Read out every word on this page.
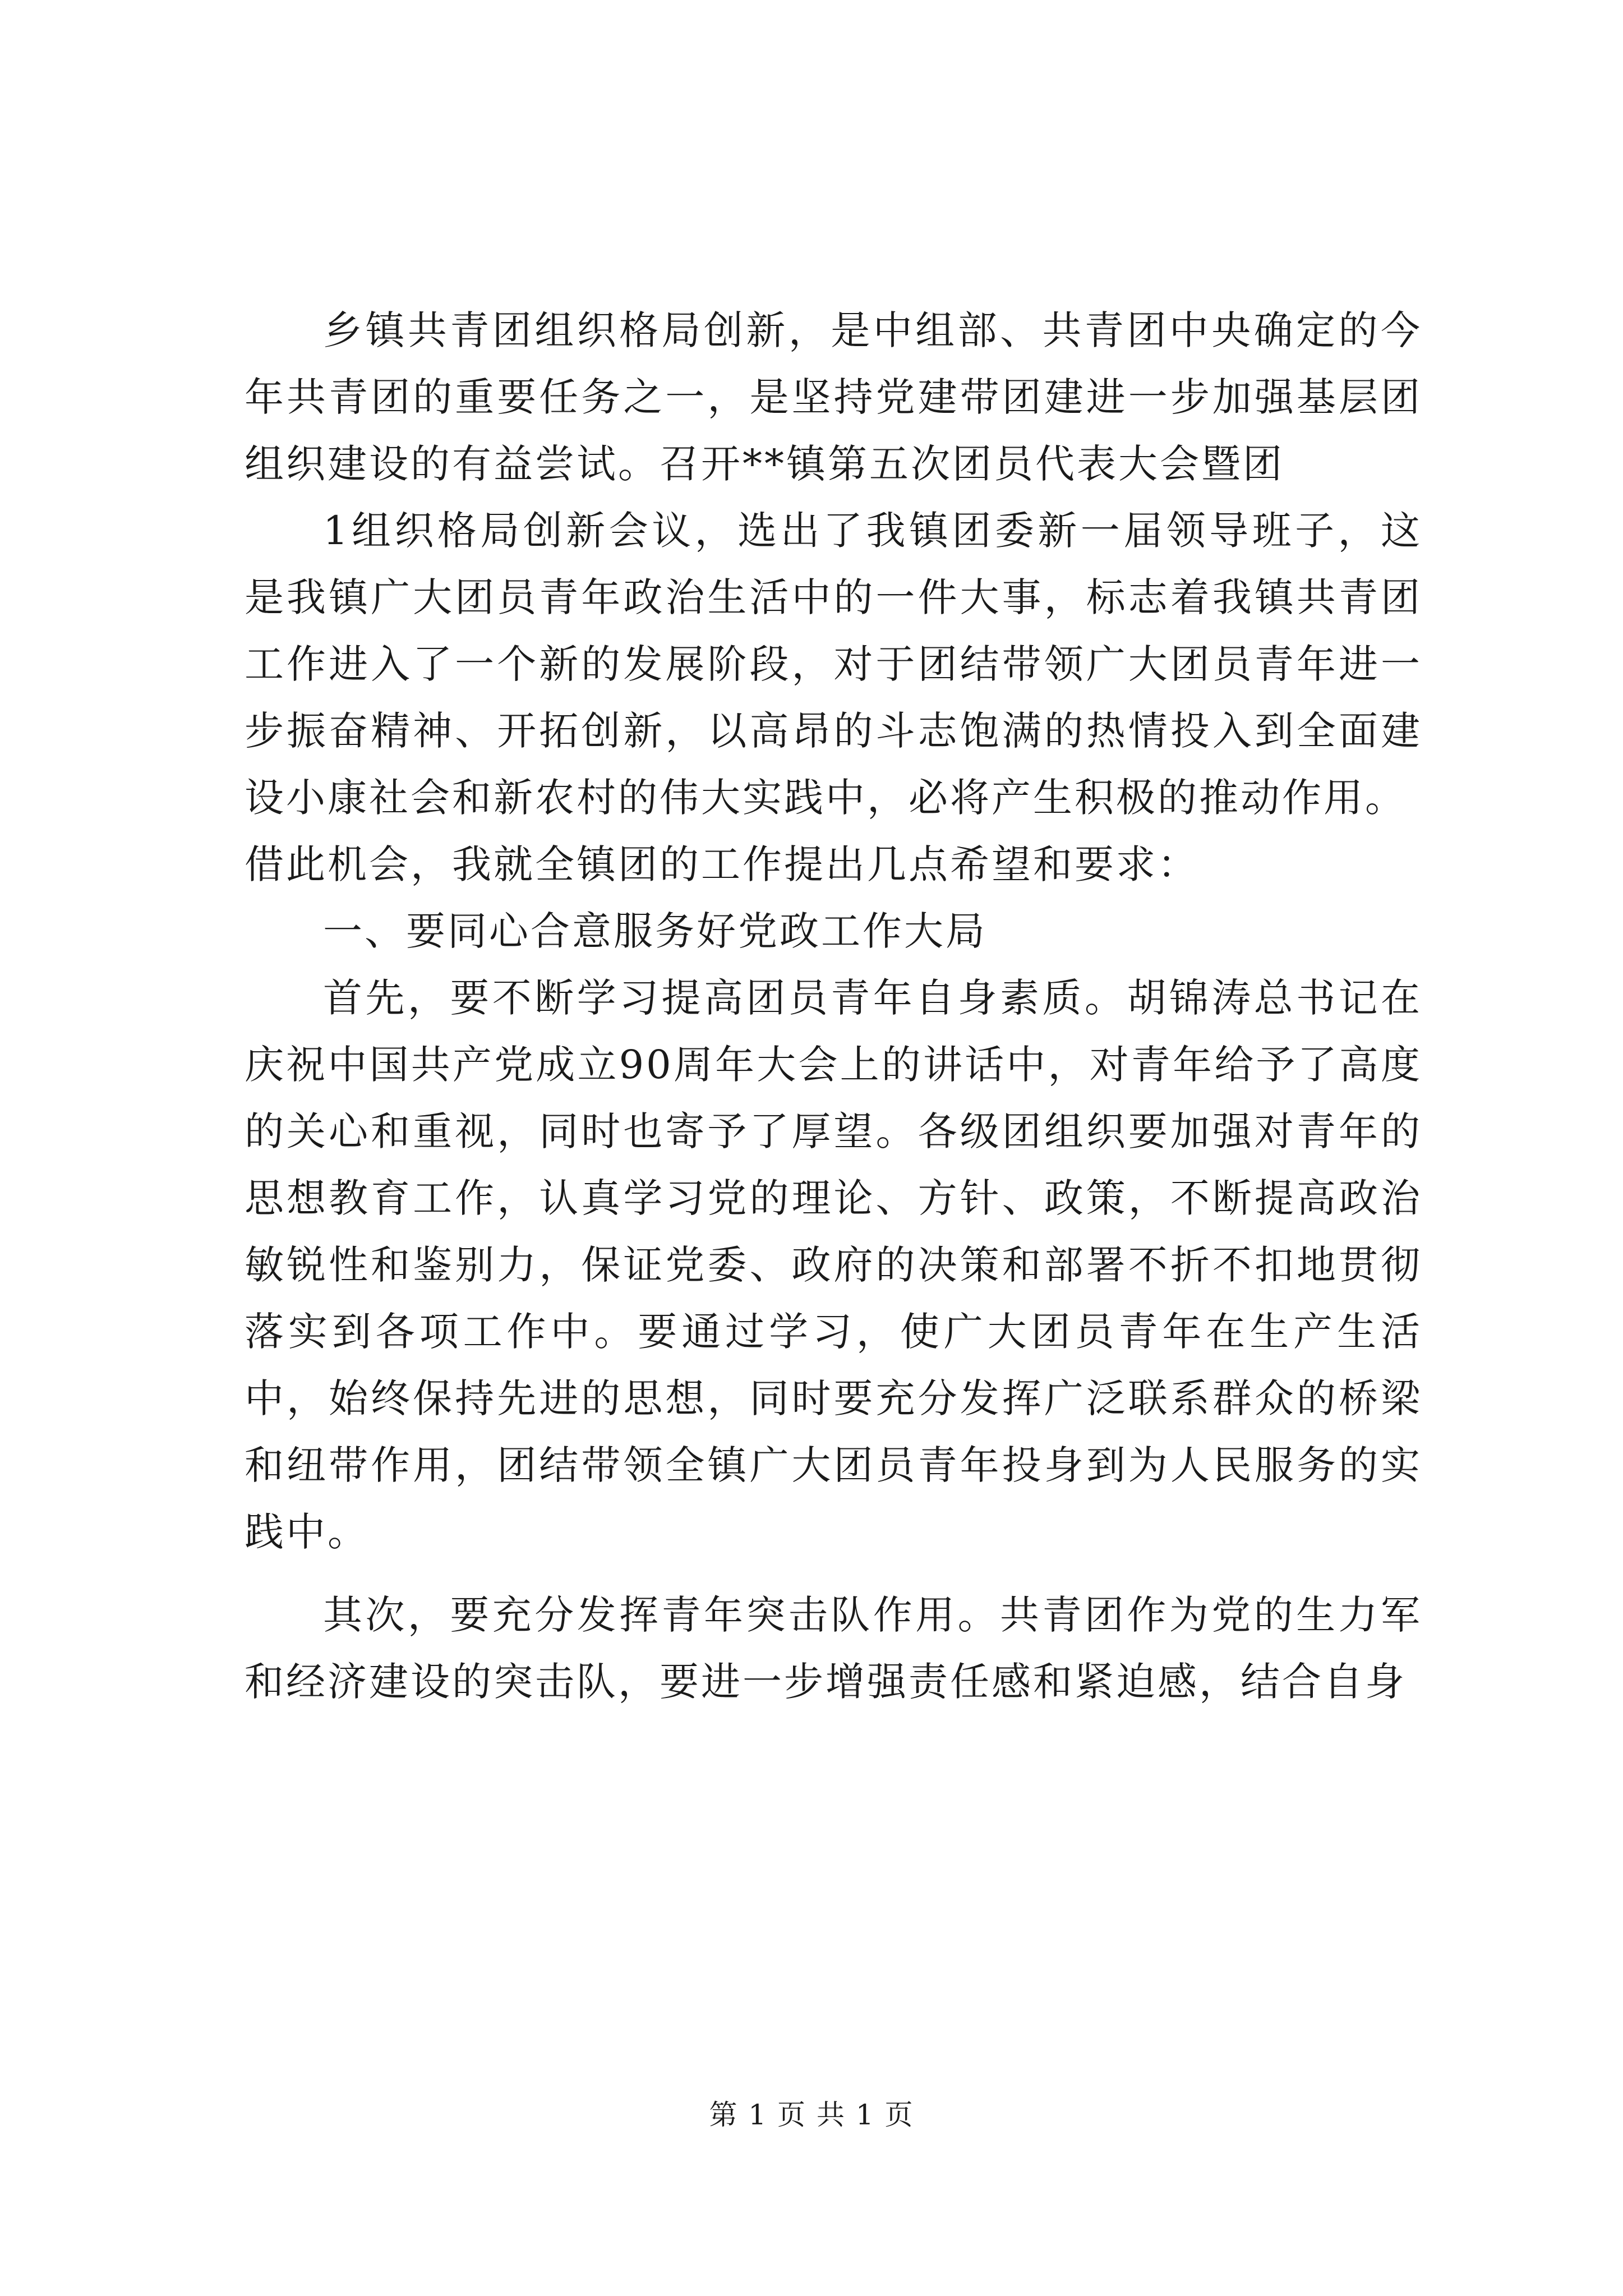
乡镇共青团组织格局创新，是中组部、共青团中央确定的今年共青团的重要任务之一，是坚持党建带团建进一步加强基层团组织建设的有益尝试。召开**镇第五次团员代表大会暨团

1组织格局创新会议，选出了我镇团委新一届领导班子，这是我镇广大团员青年政治生活中的一件大事，标志着我镇共青团工作进入了一个新的发展阶段，对于团结带领广大团员青年进一步振奋精神、开拓创新，以高昂的斗志饱满的热情投入到全面建设小康社会和新农村的伟大实践中，必将产生积极的推动作用。

借此机会，我就全镇团的工作提出几点希望和要求：

一、要同心合意服务好党政工作大局

首先，要不断学习提高团员青年自身素质。胡锦涛总书记在庆祝中国共产党成立90周年大会上的讲话中，对青年给予了高度的关心和重视，同时也寄予了厚望。各级团组织要加强对青年的思想教育工作，认真学习党的理论、方针、政策，不断提高政治敏锐性和鉴别力，保证党委、政府的决策和部署不折不扣地贯彻落实到各项工作中。要通过学习，使广大团员青年在生产生活中，始终保持先进的思想，同时要充分发挥广泛联系群众的桥梁和纽带作用，团结带领全镇广大团员青年投身到为人民服务的实践中。

其次，要充分发挥青年突击队作用。共青团作为党的生力军和经济建设的突击队，要进一步增强责任感和紧迫感，结合自身

第 1 页 共 1 页
